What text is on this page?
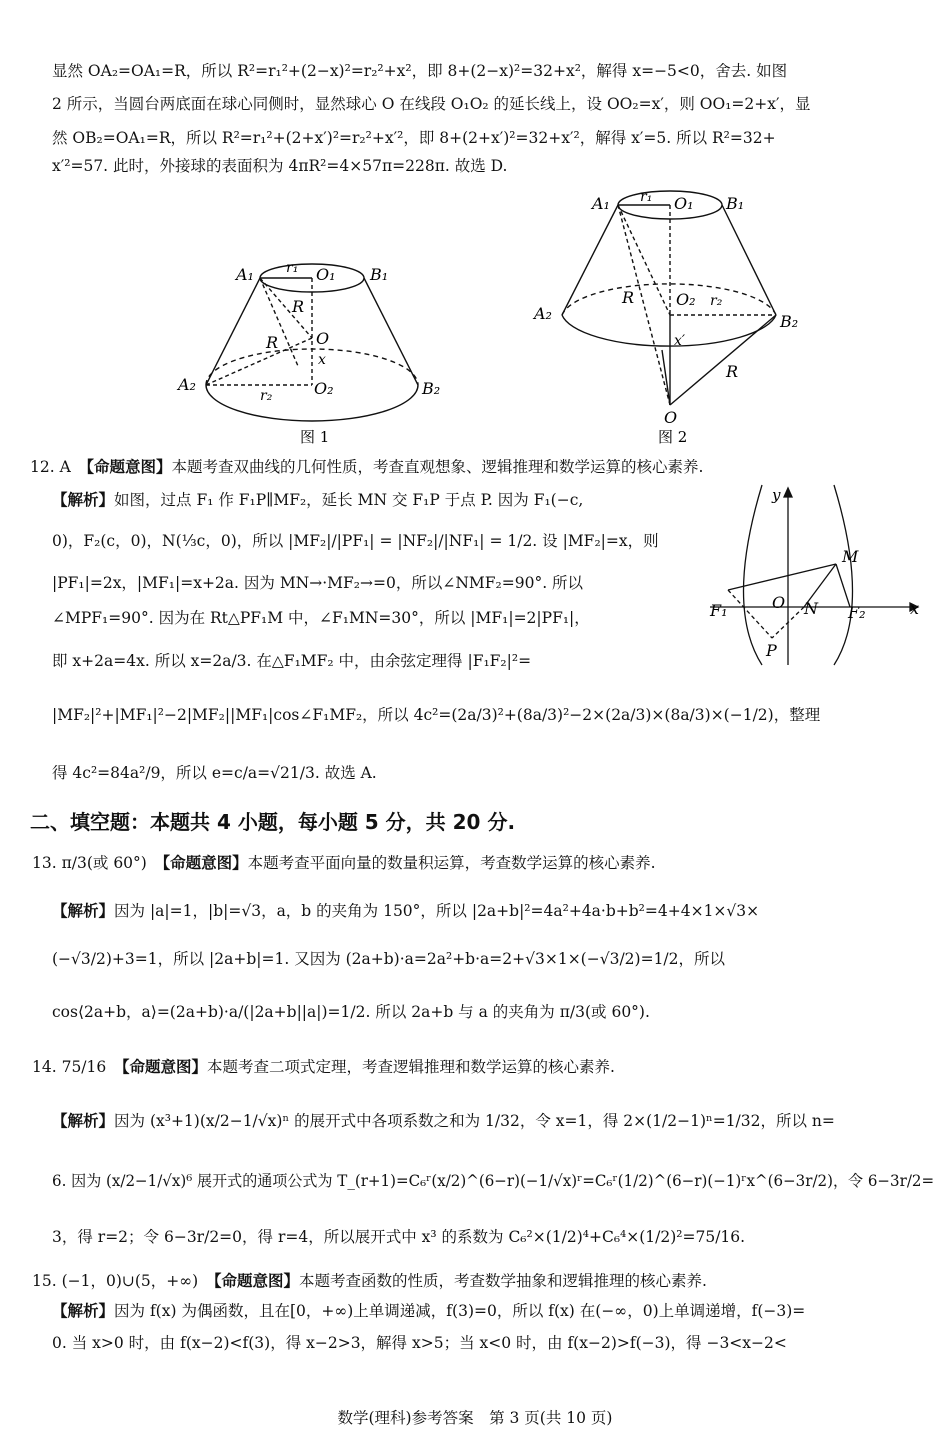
显然 OA₂=OA₁=R，所以 R²=r₁²+(2−x)²=r₂²+x²，即 8+(2−x)²=32+x²，解得 x=−5<0，舍去. 如图
2 所示，当圆台两底面在球心同侧时，显然球心 O 在线段 O₁O₂ 的延长线上，设 OO₂=x′，则 OO₁=2+x′，显
然 OB₂=OA₁=R，所以 R²=r₁²+(2+x′)²=r₂²+x′²，即 8+(2+x′)²=32+x′²，解得 x′=5. 所以 R²=32+
x′²=57. 此时，外接球的表面积为 4πR²=4×57π=228π. 故选 D.
A₁ r₁ O₁ B₁
R
O
R
x
A₂
r₂	O₂	B₂
图 1
A₁ r₁ O₁ B₁
A₂
R	O₂ r₂
B₂
x′
R
O
图 2
12. A　【命题意图】本题考查双曲线的几何性质，考查直观想象、逻辑推理和数学运算的核心素养.
【解析】如图，过点 F₁ 作 F₁P∥MF₂，延长 MN 交 F₁P 于点 P. 因为 F₁(−c,
0)，F₂(c，0)，N(⅓c，0)，所以 |MF₂|/|PF₁| = |NF₂|/|NF₁| = 1/2. 设 |MF₂|=x，则
|PF₁|=2x，|MF₁|=x+2a. 因为 MN→·MF₂→=0，所以∠NMF₂=90°. 所以
∠MPF₁=90°. 因为在 Rt△PF₁M 中，∠F₁MN=30°，所以 |MF₁|=2|PF₁|，
即 x+2a=4x. 所以 x=2a/3. 在△F₁MF₂ 中，由余弦定理得 |F₁F₂|²=
|MF₂|²+|MF₁|²−2|MF₂||MF₁|cos∠F₁MF₂，所以 4c²=(2a/3)²+(8a/3)²−2×(2a/3)×(8a/3)×(−1/2)，整理
得 4c²=84a²/9，所以 e=c/a=√21/3. 故选 A.
y
M
F₁	O N F₂	x
P
二、填空题：本题共 4 小题，每小题 5 分，共 20 分.
13. π/3(或 60°)　【命题意图】本题考查平面向量的数量积运算，考查数学运算的核心素养.
【解析】因为 |a|=1，|b|=√3，a，b 的夹角为 150°，所以 |2a+b|²=4a²+4a·b+b²=4+4×1×√3×
(−√3/2)+3=1，所以 |2a+b|=1. 又因为 (2a+b)·a=2a²+b·a=2+√3×1×(−√3/2)=1/2，所以
cos⟨2a+b，a⟩=(2a+b)·a/(|2a+b||a|)=1/2. 所以 2a+b 与 a 的夹角为 π/3(或 60°).
14. 75/16　【命题意图】本题考查二项式定理，考查逻辑推理和数学运算的核心素养.
【解析】因为 (x³+1)(x/2−1/√x)ⁿ 的展开式中各项系数之和为 1/32，令 x=1，得 2×(1/2−1)ⁿ=1/32，所以 n=
6. 因为 (x/2−1/√x)⁶ 展开式的通项公式为 T_(r+1)=C₆ʳ(x/2)^(6−r)(−1/√x)ʳ=C₆ʳ(1/2)^(6−r)(−1)ʳx^(6−3r/2)，令 6−3r/2=
3，得 r=2；令 6−3r/2=0，得 r=4，所以展开式中 x³ 的系数为 C₆²×(1/2)⁴+C₆⁴×(1/2)²=75/16.
15. (−1，0)∪(5，+∞)　【命题意图】本题考查函数的性质，考查数学抽象和逻辑推理的核心素养.
【解析】因为 f(x) 为偶函数，且在[0，+∞)上单调递减，f(3)=0，所以 f(x) 在(−∞，0)上单调递增，f(−3)=
0. 当 x>0 时，由 f(x−2)<f(3)，得 x−2>3，解得 x>5；当 x<0 时，由 f(x−2)>f(−3)，得 −3<x−2<
数学(理科)参考答案　第 3 页(共 10 页)
